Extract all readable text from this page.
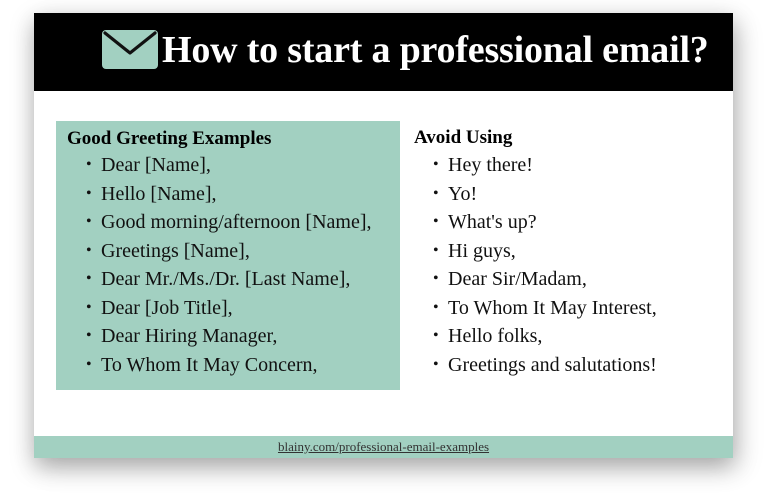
How to start a professional email?
Good Greeting Examples
• Dear [Name],
• Hello [Name],
• Good morning/afternoon [Name],
• Greetings [Name],
• Dear Mr./Ms./Dr. [Last Name],
• Dear [Job Title],
• Dear Hiring Manager,
• To Whom It May Concern,
Avoid Using
• Hey there!
• Yo!
• What's up?
• Hi guys,
• Dear Sir/Madam,
• To Whom It May Interest,
• Hello folks,
• Greetings and salutations!
blainy.com/professional-email-examples
